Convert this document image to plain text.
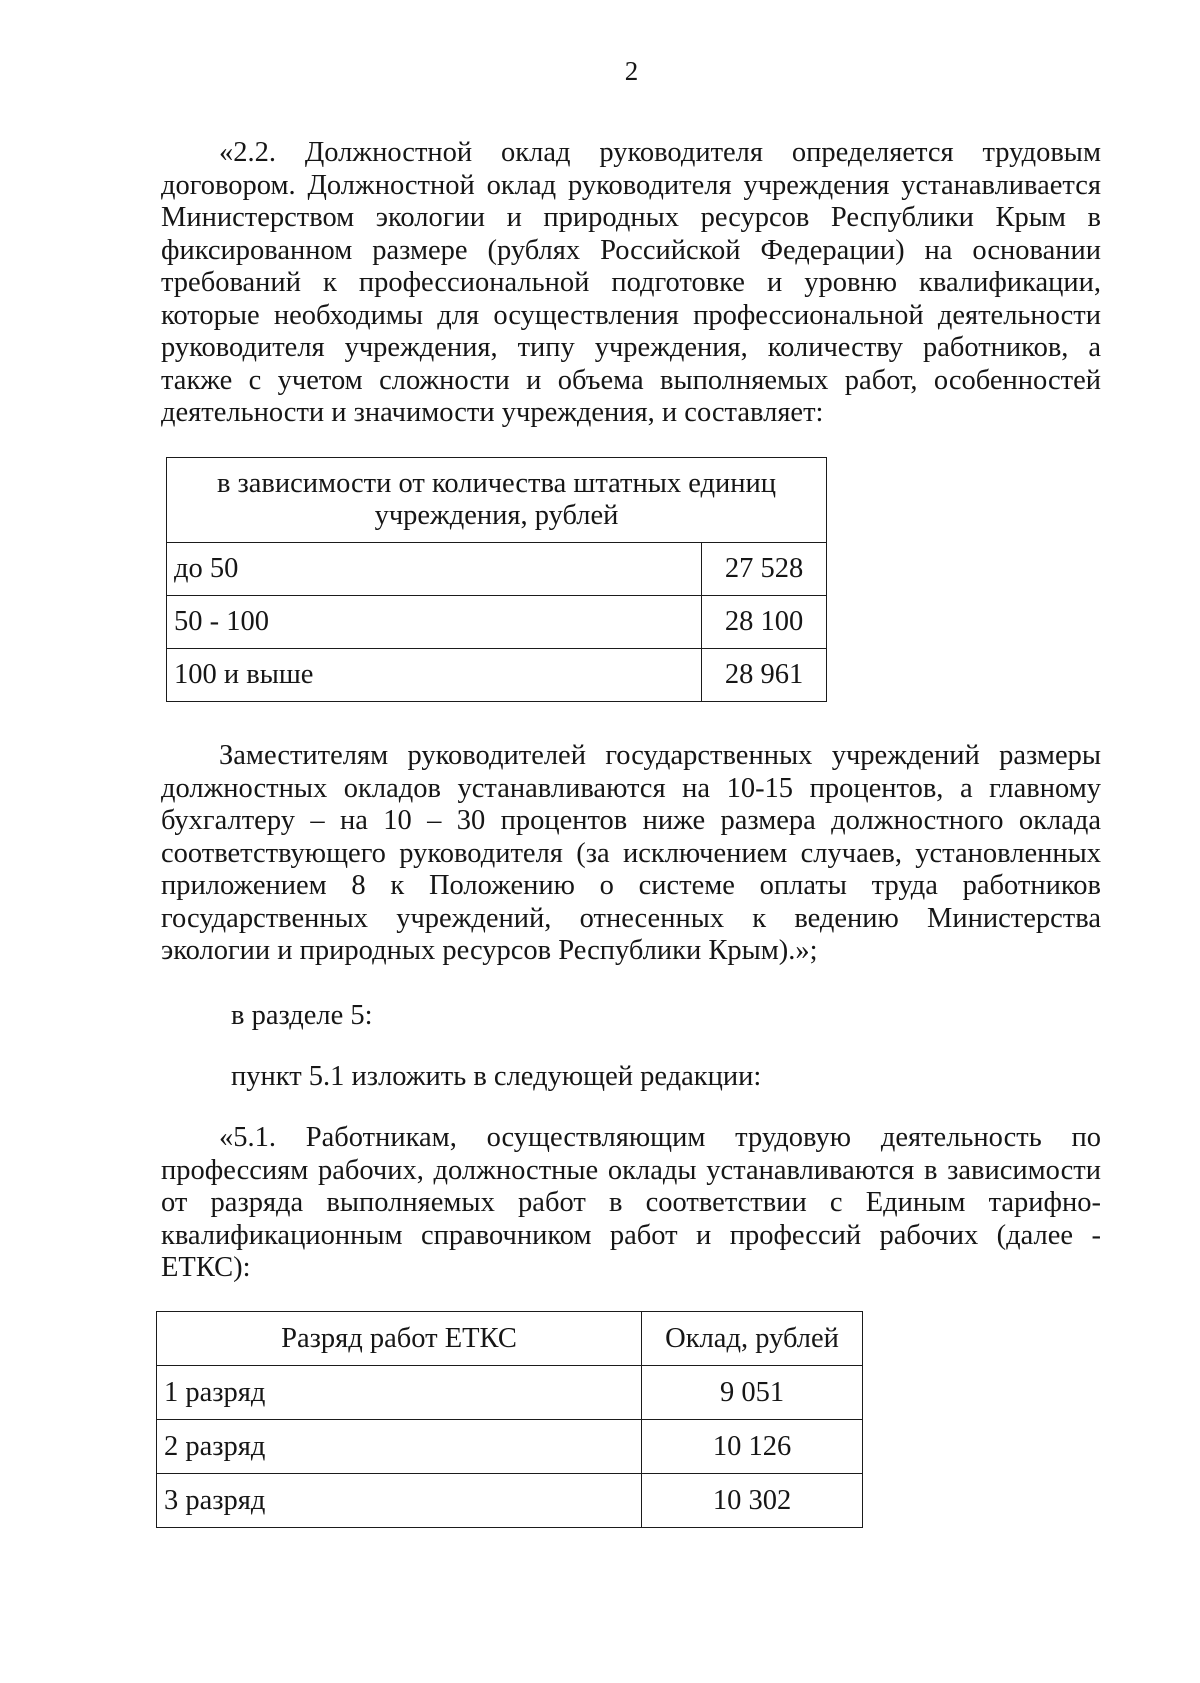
2

«2.2. Должностной оклад руководителя определяется трудовым договором. Должностной оклад руководителя учреждения устанавливается Министерством экологии и природных ресурсов Республики Крым в фиксированном размере (рублях Российской Федерации) на основании требований к профессиональной подготовке и уровню квалификации, которые необходимы для осуществления профессиональной деятельности руководителя учреждения, типу учреждения, количеству работников, а также с учетом сложности и объема выполняемых работ, особенностей деятельности и значимости учреждения, и составляет:

в зависимости от количества штатных единиц учреждения, рублей	
до 50	27 528
50 - 100	28 100
100 и выше	28 961

Заместителям руководителей государственных учреждений размеры должностных окладов устанавливаются на 10-15 процентов, а главному бухгалтеру – на 10 – 30 процентов ниже размера должностного оклада соответствующего руководителя (за исключением случаев, установленных приложением 8 к Положению о системе оплаты труда работников государственных учреждений, отнесенных к ведению Министерства экологии и природных ресурсов Республики Крым).»;

в разделе 5:

пункт 5.1 изложить в следующей редакции:

«5.1. Работникам, осуществляющим трудовую деятельность по профессиям рабочих, должностные оклады устанавливаются в зависимости от разряда выполняемых работ в соответствии с Единым тарифно-квалификационным справочником работ и профессий рабочих (далее - ЕТКС):

Разряд работ ЕТКС	Оклад, рублей
1 разряд	9 051
2 разряд	10 126
3 разряд	10 302
